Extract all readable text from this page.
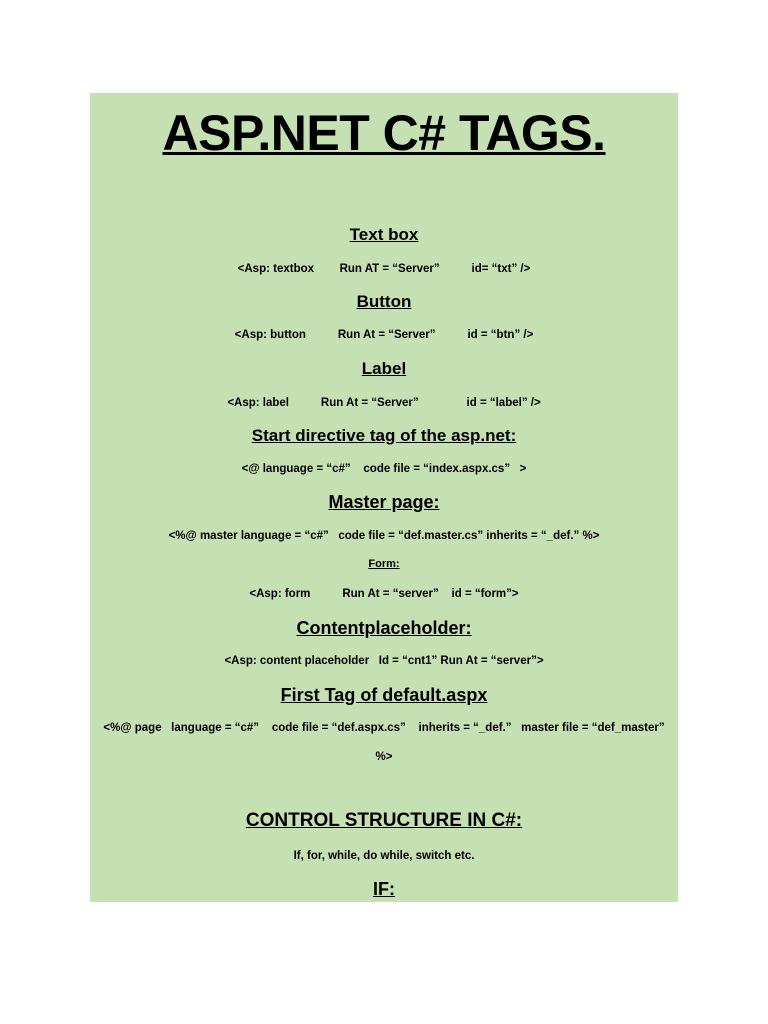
ASP.NET C# TAGS.
Text box

<Asp: textbox        Run AT = “Server”          id= “txt” />

Button

<Asp: button          Run At = “Server”          id = “btn” />

Label

<Asp: label          Run At = “Server”               id = “label” />

Start directive tag of the asp.net:

<@ language = “c#”    code file = “index.aspx.cs”   >

Master page:

<%@ master language = “c#”   code file = “def.master.cs” inherits = “_def.” %>

Form:

<Asp: form          Run At = “server”    id = “form”>

Contentplaceholder:

<Asp: content placeholder   Id = “cnt1” Run At = “server”>

First Tag of default.aspx

<%@ page   language = “c#”    code file = “def.aspx.cs”    inherits = “_def.”   master file = “def_master”

%>

CONTROL STRUCTURE IN C#:

If, for, while, do while, switch etc.

IF:
